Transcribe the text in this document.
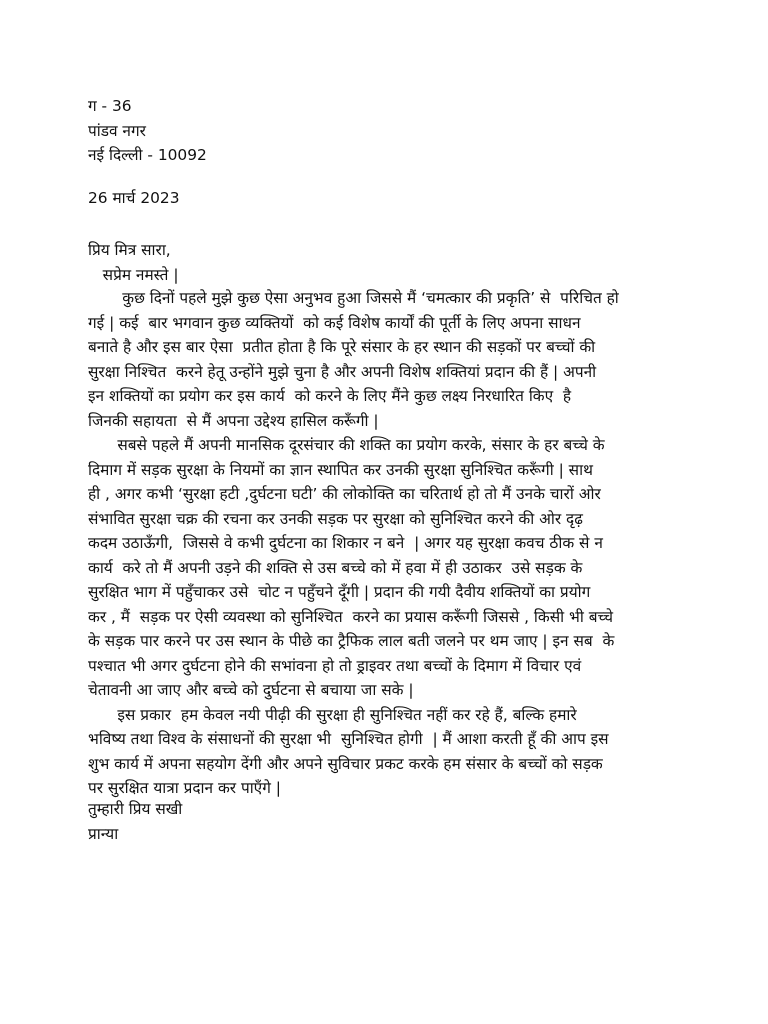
ग - 36
पांडव नगर
नई दिल्ली - 10092
26 मार्च 2023
प्रिय मित्र सारा,
सप्रेम नमस्ते |
कुछ दिनों पहले मुझे कुछ ऐसा अनुभव हुआ जिससे मैं ‘चमत्कार की प्रकृति’ से  परिचित हो
गई | कई  बार भगवान कुछ व्यक्तियों  को कई विशेष कार्यों की पूर्ती के लिए अपना साधन
बनाते है और इस बार ऐसा  प्रतीत होता है कि पूरे संसार के हर स्थान की सड़कों पर बच्चों की
सुरक्षा निश्चित  करने हेतू उन्होंने मुझे चुना है और अपनी विशेष शक्तियां प्रदान की हैं | अपनी
इन शक्तियों का प्रयोग कर इस कार्य  को करने के लिए मैंने कुछ लक्ष्य निरधारित किए  है
जिनकी सहायता  से मैं अपना उद्देश्य हासिल करूँगी |
सबसे पहले मैं अपनी मानसिक दूरसंचार की शक्ति का प्रयोग करके, संसार के हर बच्चे के
दिमाग में सड़क सुरक्षा के नियमों का ज्ञान स्थापित कर उनकी सुरक्षा सुनिश्चित करूँगी | साथ
ही , अगर कभी ‘सुरक्षा हटी ,दुर्घटना घटी’ की लोकोक्ति का चरितार्थ हो तो मैं उनके चारों ओर
संभावित सुरक्षा चक्र की रचना कर उनकी सड़क पर सुरक्षा को सुनिश्चित करने की ओर दृढ़
कदम उठाऊँगी,  जिससे वे कभी दुर्घटना का शिकार न बने  | अगर यह सुरक्षा कवच ठीक से न
कार्य  करे तो मैं अपनी उड़ने की शक्ति से उस बच्चे को में हवा में ही उठाकर  उसे सड़क के
सुरक्षित भाग में पहुँचाकर उसे  चोट न पहुँचने दूँगी | प्रदान की गयी दैवीय शक्तियों का प्रयोग
कर , मैं  सड़क पर ऐसी व्यवस्था को सुनिश्चित  करने का प्रयास करूँगी जिससे , किसी भी बच्चे
के सड़क पार करने पर उस स्थान के पीछे का ट्रैफिक लाल बती जलने पर थम जाए | इन सब  के
पश्चात भी अगर दुर्घटना होने की सभांवना हो तो ड्राइवर तथा बच्चों के दिमाग में विचार एवं
चेतावनी आ जाए और बच्चे को दुर्घटना से बचाया जा सके |
इस प्रकार  हम केवल नयी पीढ़ी की सुरक्षा ही सुनिश्चित नहीं कर रहे हैं, बल्कि हमारे
भविष्य तथा विश्व के संसाधनों की सुरक्षा भी  सुनिश्चित होगी  | मैं आशा करती हूँ की आप इस
शुभ कार्य में अपना सहयोग देंगी और अपने सुविचार प्रकट करके हम संसार के बच्चों को सड़क
पर सुरक्षित यात्रा प्रदान कर पाएँगे |
तुम्हारी प्रिय सखी
प्रान्या
